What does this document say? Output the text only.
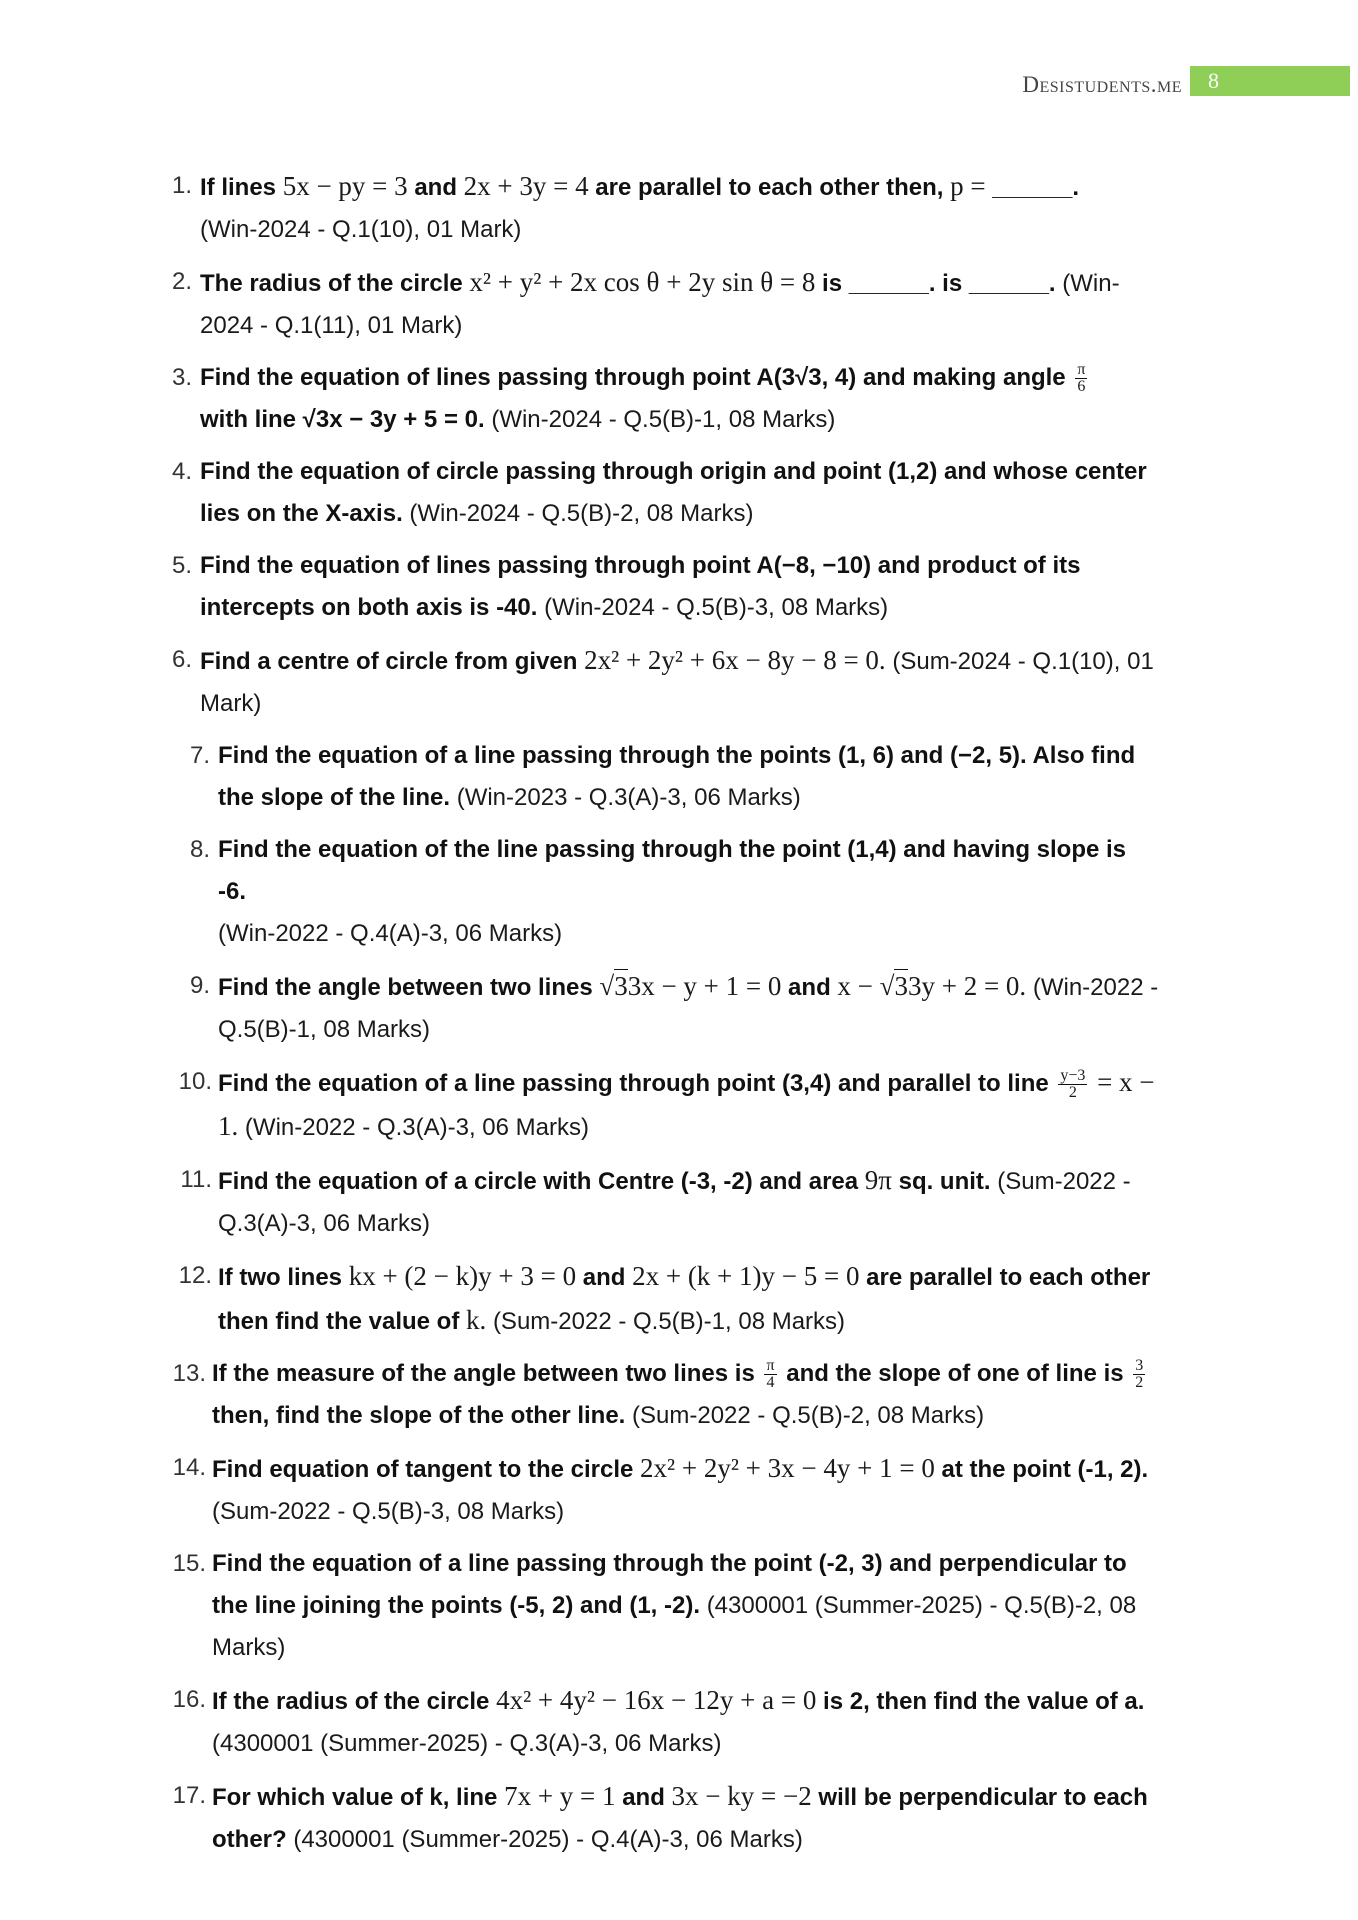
Desistudents.me	8
1. If lines 5x − py = 3 and 2x + 3y = 4 are parallel to each other then, p = ______.
(Win-2024 - Q.1(10), 01 Mark)
2. The radius of the circle x² + y² + 2x cos θ + 2y sin θ = 8 is ______. is ______. (Win-2024 - Q.1(11), 01 Mark)
3. Find the equation of lines passing through point A(3√3, 4) and making angle $\frac{\pi}{6}$

with line √3x − 3y + 5 = 0. (Win-2024 - Q.5(B)-1, 08 Marks)
4. Find the equation of circle passing through origin and point (1,2) and whose center lies on the X-axis. (Win-2024 - Q.5(B)-2, 08 Marks)
5. Find the equation of lines passing through point A(−8, −10) and product of its intercepts on both axis is -40. (Win-2024 - Q.5(B)-3, 08 Marks)
6. Find a centre of circle from given 2x² + 2y² + 6x − 8y − 8 = 0. (Sum-2024 - Q.1(10), 01 Mark)
7. Find the equation of a line passing through the points (1, 6) and (−2, 5). Also find the slope of the line. (Win-2023 - Q.3(A)-3, 06 Marks)
8. Find the equation of the line passing through the point (1,4) and having slope is -6.
(Win-2022 - Q.4(A)-3, 06 Marks)
9. Find the angle between two lines √33x − y + 1 = 0 and x − √33y + 2 = 0. (Win-2022 - Q.5(B)-1, 08 Marks)
10. Find the equation of a line passing through point (3,4) and parallel to line $\frac{y-3}{2} = x - 1$. (Win-2022 - Q.3(A)-3, 06 Marks)
11. Find the equation of a circle with Centre (-3, -2) and area 9π sq. unit. (Sum-2022 - Q.3(A)-3, 06 Marks)
12. If two lines kx + (2 − k)y + 3 = 0 and 2x + (k + 1)y − 5 = 0 are parallel to each other then find the value of k. (Sum-2022 - Q.5(B)-1, 08 Marks)
13. If the measure of the angle between two lines is $\frac{\pi}{4}$ and the slope of one of line is $\frac{3}{2}$

then, find the slope of the other line. (Sum-2022 - Q.5(B)-2, 08 Marks)
14. Find equation of tangent to the circle 2x² + 2y² + 3x − 4y + 1 = 0 at the point (-1, 2). (Sum-2022 - Q.5(B)-3, 08 Marks)
15. Find the equation of a line passing through the point (-2, 3) and perpendicular to the line joining the points (-5, 2) and (1, -2). (4300001 (Summer-2025) - Q.5(B)-2, 08 Marks)
16. If the radius of the circle 4x² + 4y² − 16x − 12y + a = 0 is 2, then find the value of a. (4300001 (Summer-2025) - Q.3(A)-3, 06 Marks)
17. For which value of k, line 7x + y = 1 and 3x − ky = −2 will be perpendicular to each other? (4300001 (Summer-2025) - Q.4(A)-3, 06 Marks)
